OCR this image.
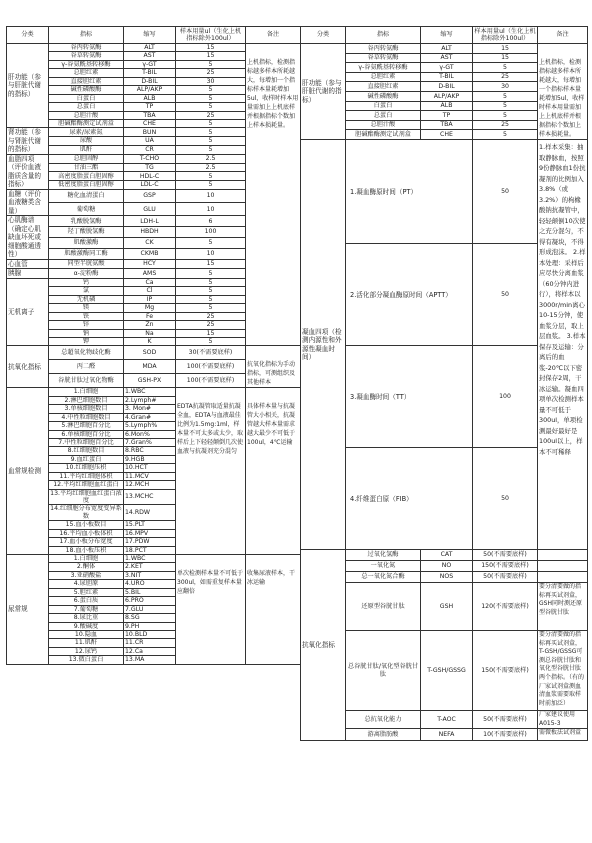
分类	指标	缩写	样本用量ul（生化上机指标除外100ul）	备注
肝功能（参与肝脏代谢的指标）	谷丙转氨酶	ALT	15	上机指标，检测指标越多样本所耗越大，每增加一个指标样本量耗增加5ul，收样时样本用量需加上上机底样并根据指标个数加上样本损耗量。
	谷草转氨酶	AST	15	
	γ-谷氨酰基转移酶	γ-GT	5	
	总胆红素	T-BIL	25	
	直接胆红素	D-BIL	30	
	碱性磷酸酶	ALP/AKP	5	
	白蛋白	ALB	5	
	总蛋白	TP	5	
	总胆汁酸	TBA	25	
	胆碱酯酶测定试剂盒	CHE	5	
肾功能（参与肾脏代谢的指标）	尿素/尿素氮	BUN	5	
	尿酸	UA	5	
	肌酐	CR	5	
血脂四项（评价血液脂质含量的指标）	总胆固醇	T-CHO	2.5	
	甘油三酯	TG	2.5	
	高密度脂蛋白胆固醇	HDL-C	5	
	低密度脂蛋白胆固醇	LDL-C	5	
血糖（评价血液糖类含量）	糖化血清蛋白	GSP	10	
	葡萄糖	GLU	10	
心肌酶谱（确定心肌缺血坏死或细胞酸通透性）	乳酸脱氢酶	LDH-L	6	
	羟丁酸脱氢酶	HBDH	100	
	肌酸激酶	CK	5	
	肌酸激酶同工酶	CKMB	10	
心血管	同型半胱氨酸	HCY	15	
胰腺	α-淀粉酶	AMS	5	
无机离子	钙	Ca	5	
	氯	Cl	5	
	无机磷	IP	5	
	镁	Mg	5	
	铁	Fe	25	
	锌	Zn	25	
	钠	Na	15	
	钾	K	5	
抗氧化指标	总超氧化物歧化酶	SOD	30(不需要底样)	抗氧化指标为手动指标，可测组织及其他样本
	丙二醛	MDA	100(不需要底样)	
	谷胱甘肽过氧化物酶	GSH-PX	100(不需要底样)	
血常规检测	1.白细胞	1.WBC	EDTA抗凝管取适量抗凝全血，EDTA与血液最佳比例为1.5mg:1ml，样本量不可太多或太少，取样后上下轻轻颠倒几次使血液与抗凝剂充分混匀	具体样本量与抗凝管大小相关，抗凝管越大样本量需求越大最少不可低于100ul，4℃运输
	2.淋巴细胞数目	2.Lymph#		
	3.单核细胞数目	3. Mon#		
	4.中性粒细胞数目	4.Gran#		
	5.淋巴细胞百分比	5.Lymph%		
	6.单核细胞百分比	6.Mon%		
	7.中性粒细胞百分比	7.Gran%		
	8.红细胞数目	8.RBC		
	9.血红蛋白	9.HGB		
	10.红细胞压积	10.HCT		
	11.平均红细胞体积	11.MCV		
	12.平均红细胞血红蛋白	12.MCH		
	13.平均红细胞血红蛋白浓度	13.MCHC		
	14.红细胞分布宽度变异系数	14.RDW		
	15.血小板数目	15.PLT		
	16.平均血小板体积	16.MPV		
	17.血小板分布宽度	17.PDW		
	18.血小板压积	18.PCT		
尿常规	1.白细胞	1.WBC	单次检测样本量不可低于300ul，如需重复样本量应翻倍	收集尿液样本，干冰运输
	2.酮体	2.KET		
	3.亚硝酸盐	3.NIT		
	4.尿胆原	4.URO		
	5.胆红素	5.BIL		
	6.蛋白质	6.PRO		
	7.葡萄糖	7.GLU		
	8.尿比重	8.SG		
	9.酸碱度	9.PH		
	10.隐血	10.BLD		
	11.肌酐	11.CR		
	12.尿钙	12.Ca		
	13.微白蛋白	13.MA		
分类	指标	缩写	样本用量ul（生化上机指标除外100ul）	备注
肝功能（参与肝脏代谢的指标）	谷丙转氨酶	ALT	15	上机指标，检测指标越多样本所耗越大，每增加一个指标样本量耗增加5ul，收样时样本用量需加上上机底样并根据指标个数加上样本损耗量。
	谷草转氨酶	AST	15	
	γ-谷氨酰基转移酶	γ-GT	5	
	总胆红素	T-BIL	25	
	直接胆红素	D-BIL	30	
	碱性磷酸酶	ALP/AKP	5	
	白蛋白	ALB	5	
	总蛋白	TP	5	
	总胆汁酸	TBA	25	
	胆碱酯酶测定试剂盒	CHE	5	
凝血四项（检测内源性和外源性凝血时间）	1.凝血酶原时间（PT）		50	1.样本采集：抽取静脉血，按照9份静脉血1份抗凝剂的比例加入3.8%（或3.2%）的枸橼酸钠抗凝管中，轻轻颠倒10次使之充分混匀，不得有凝块，不得形成泡沫。 2.样本处理：采样后应尽快分离血浆（60分钟内进行），将样本以3000r/min离心10-15分钟，使血浆分层，取上层血浆。 3.样本保存及运输：分离后的血浆-20℃以下密封保存2周，干冰运输。凝血四项单次检测样本量不可低于300ul，单项检测最好最好是100ul以上，样本不可稀释
	2.活化部分凝血酶原时间（APTT）		50	
	3.凝血酶时间（TT）		100	
	4.纤维蛋白原（FIB）		50	
抗氧化指标	过氧化氢酶	CAT	50(不需要底样)	
	一氧化氮	NO	150(不需要底样)	
	总一氧化氮合酶	NOS	50(不需要底样)	
	还原型谷胱甘肽	GSH	120(不需要底样)	要分清要做的指标再买试剂盒，GSH同时测还原型谷胱甘肽
	总谷胱甘肽/氧化型谷胱甘肽	T-GSH/GSSG	150(不需要底样)	要分清要做的指标再买试剂盒，T-GSH/GSSG可测总谷胱甘肽和氧化型谷胱甘肽两个指标。（有的厂家试剂盒测血清血浆需要取样时前加泛）
	总抗氧化能力	T-AOC	50(不需要底样)	厂家建议使用A015-3
	游离脂肪酸	NEFA	10(不需要底样)	需微板法试剂盒
